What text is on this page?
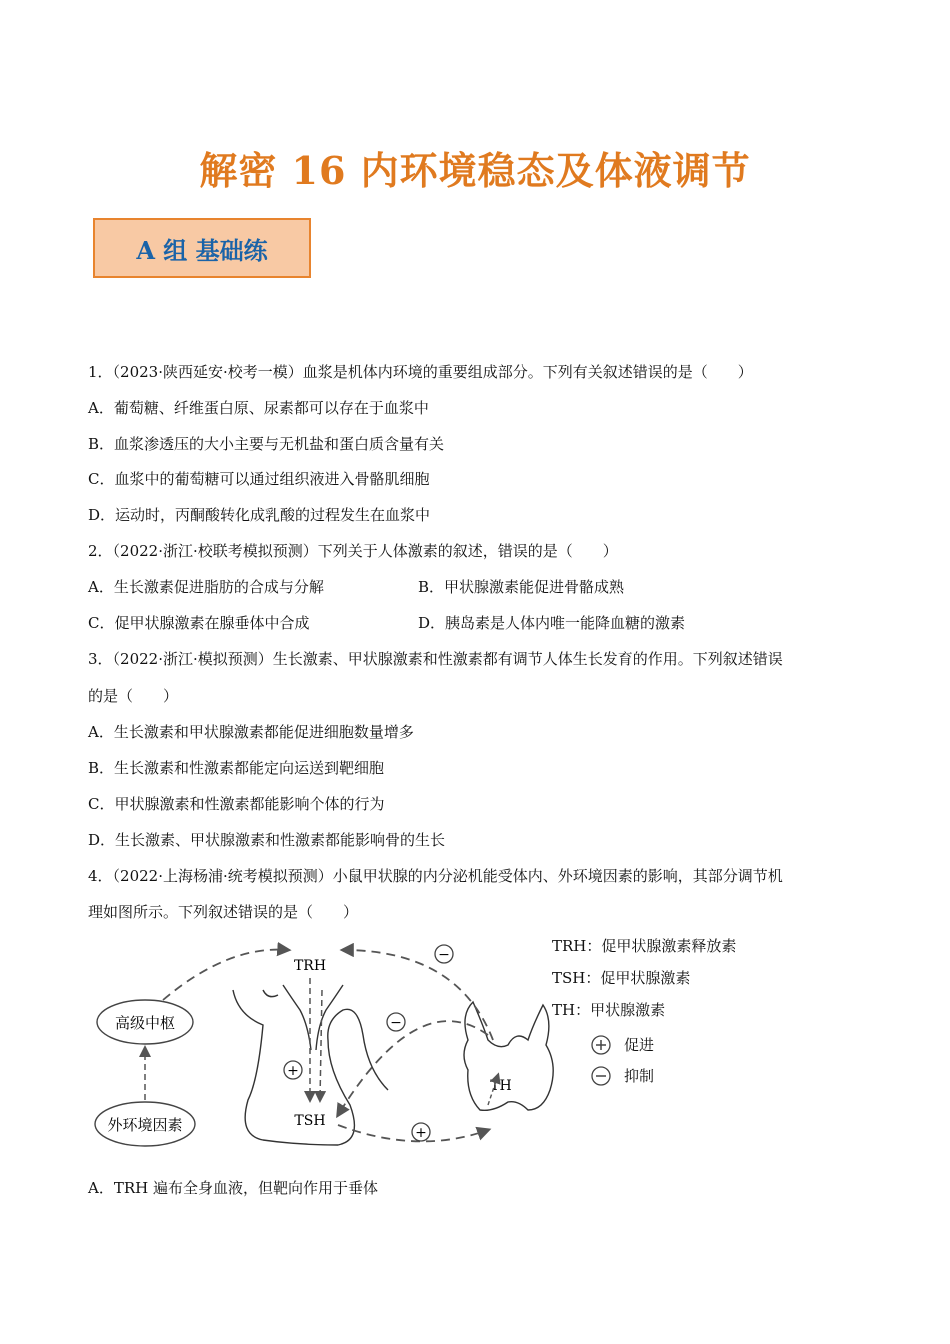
解密 16 内环境稳态及体液调节
A 组 基础练
1．（2023·陕西延安·校考一模）血浆是机体内环境的重要组成部分。下列有关叙述错误的是（　　）
A．葡萄糖、纤维蛋白原、尿素都可以存在于血浆中
B．血浆渗透压的大小主要与无机盐和蛋白质含量有关
C．血浆中的葡萄糖可以通过组织液进入骨骼肌细胞
D．运动时，丙酮酸转化成乳酸的过程发生在血浆中
2．（2022·浙江·校联考模拟预测）下列关于人体激素的叙述，错误的是（　　）
A．生长激素促进脂肪的合成与分解	B．甲状腺激素能促进骨骼成熟
C．促甲状腺激素在腺垂体中合成	D．胰岛素是人体内唯一能降血糖的激素
3．（2022·浙江·模拟预测）生长激素、甲状腺激素和性激素都有调节人体生长发育的作用。下列叙述错误
的是（　　）
A．生长激素和甲状腺激素都能促进细胞数量增多
B．生长激素和性激素都能定向运送到靶细胞
C．甲状腺激素和性激素都能影响个体的行为
D．生长激素、甲状腺激素和性激素都能影响骨的生长
4．（2022·上海杨浦·统考模拟预测）小鼠甲状腺的内分泌机能受体内、外环境因素的影响，其部分调节机
理如图所示。下列叙述错误的是（　　）
高级中枢
外环境因素
TRH
TSH
+
+
TH
−
−
TRH：促甲状腺激素释放素
TSH：促甲状腺激素
TH：甲状腺激素
促进
抑制
A．TRH 遍布全身血液，但靶向作用于垂体
